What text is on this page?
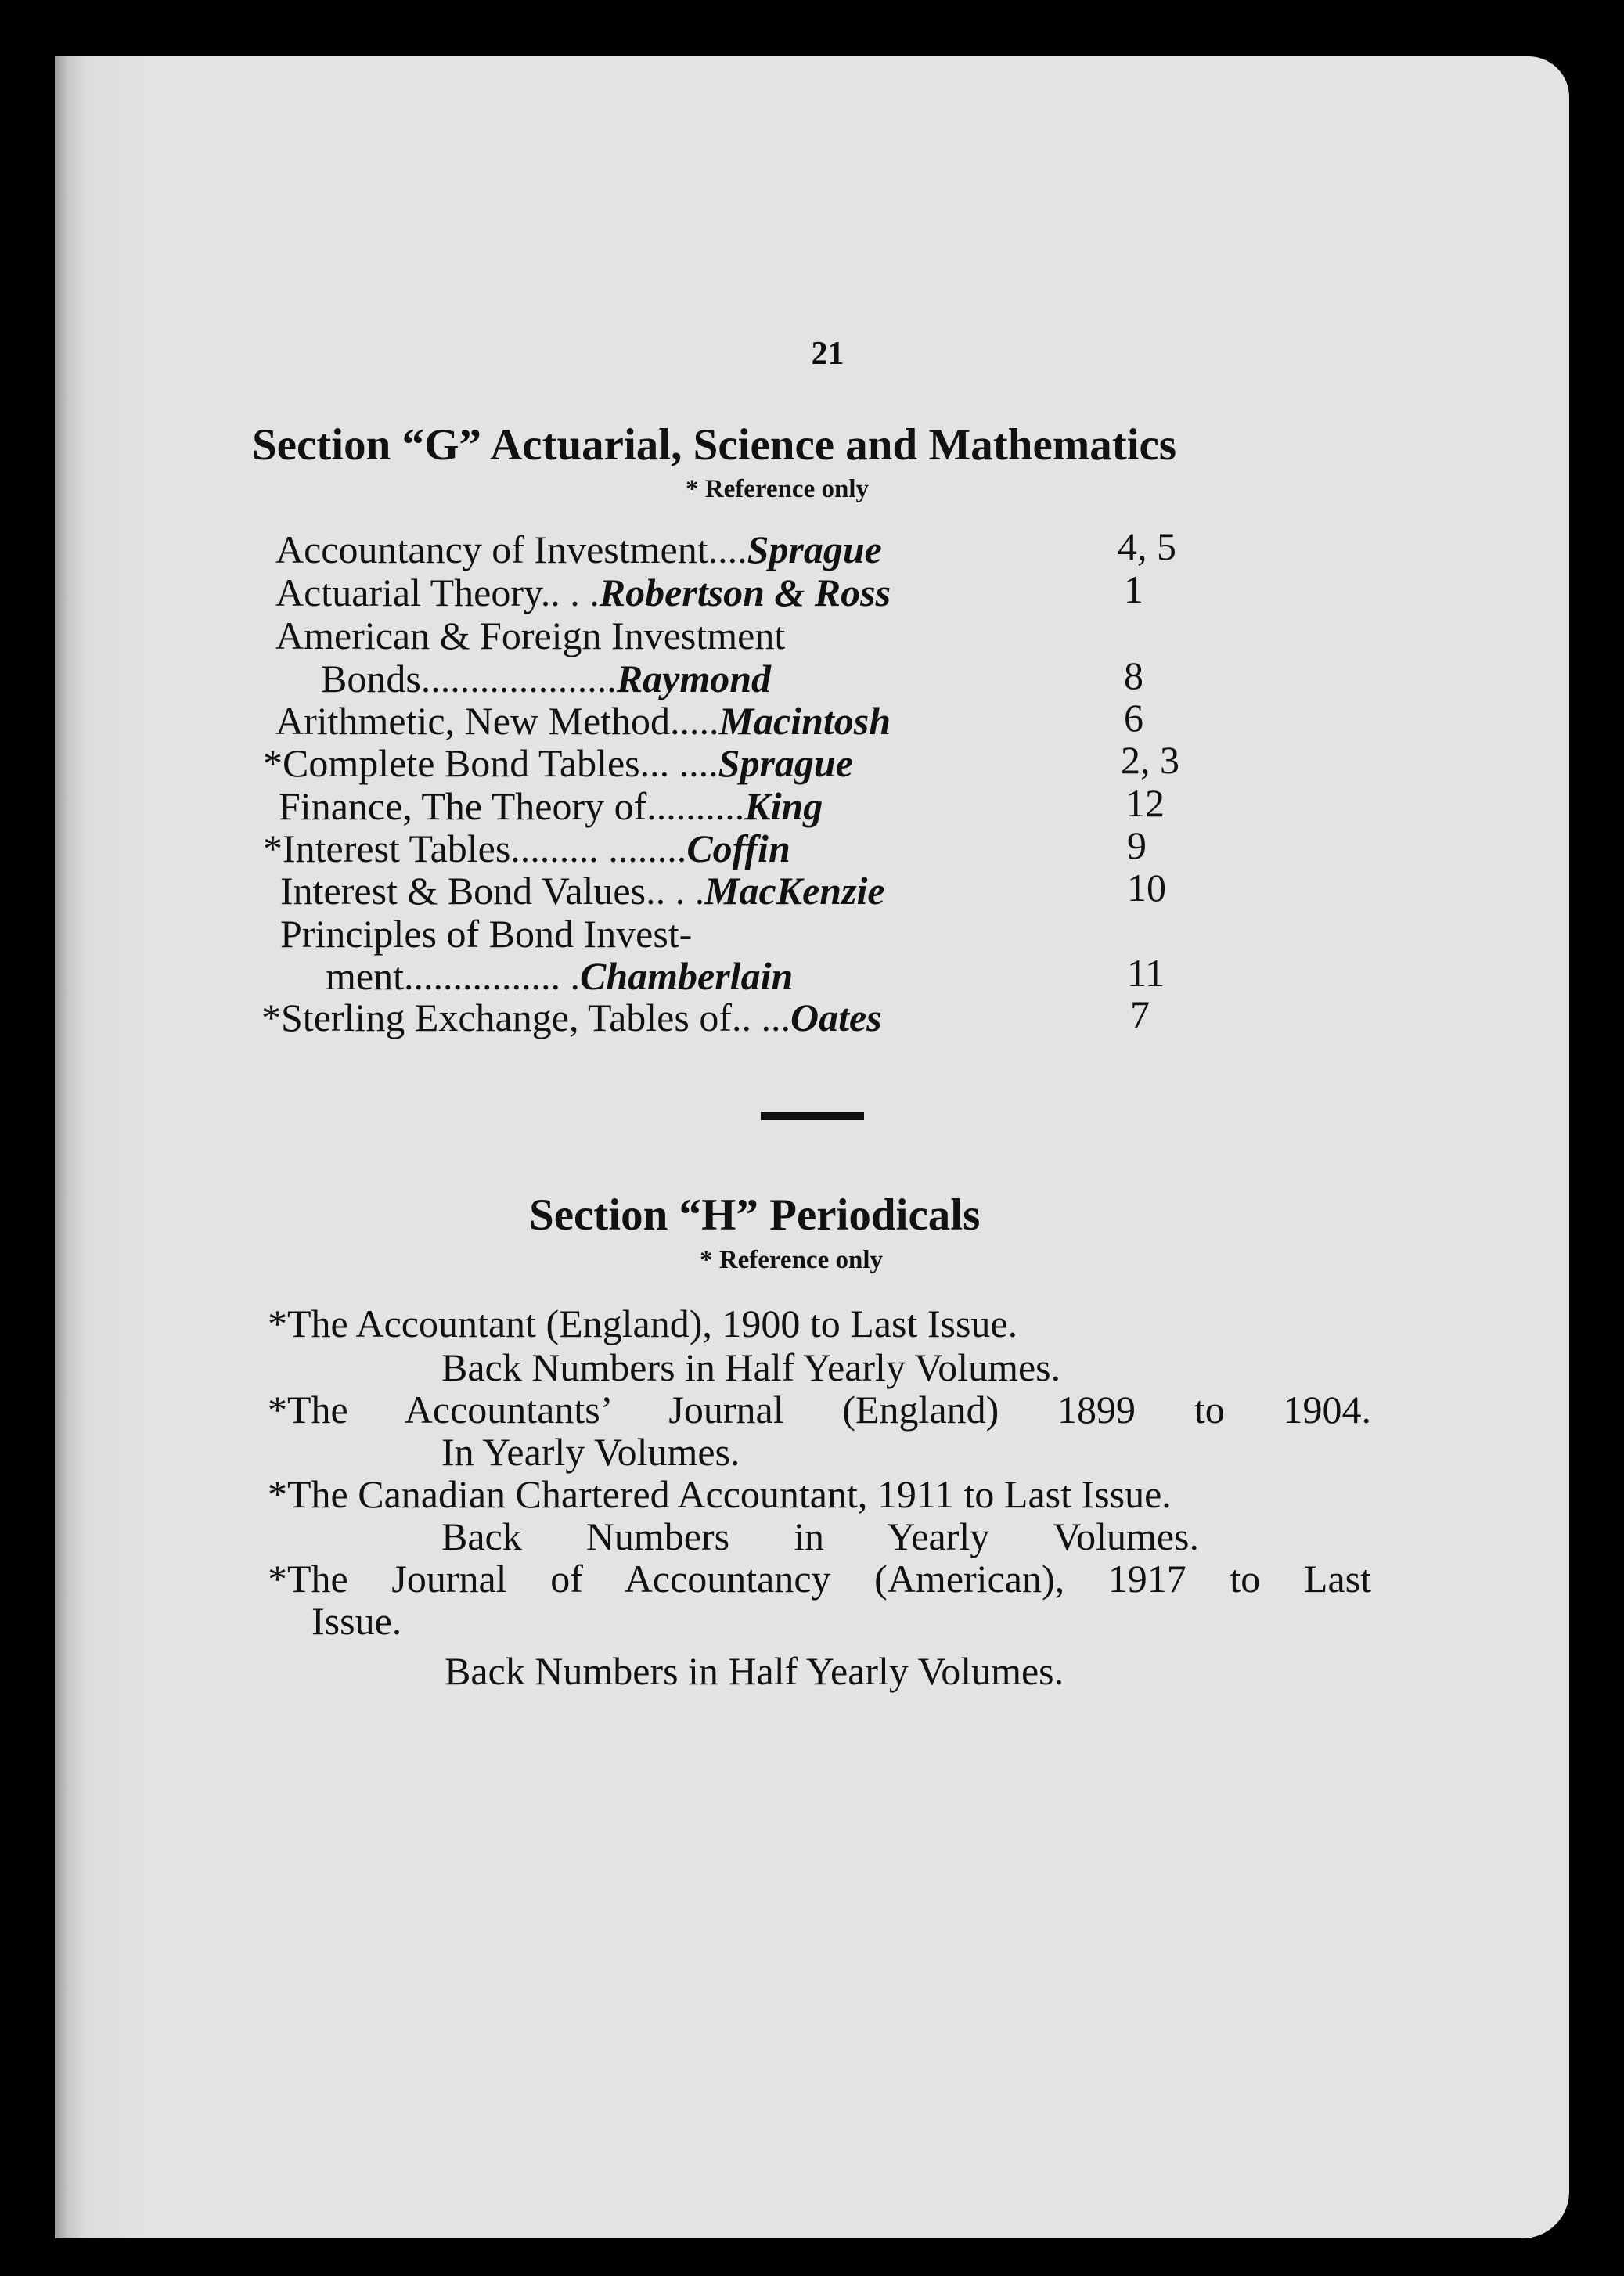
21
Section “G” Actuarial, Science and Mathematics
* Reference only
Accountancy of Investment....Sprague	4, 5
Actuarial Theory.. . .Robertson & Ross	1
American & Foreign Investment
Bonds....................Raymond	8
Arithmetic, New Method.....Macintosh	6
*Complete Bond Tables... ....Sprague	2, 3
Finance, The Theory of..........King	12
*Interest Tables......... ........Coffin	9
Interest & Bond Values.. . .MacKenzie	10
Principles of Bond Invest-
ment................ .Chamberlain	11
*Sterling Exchange, Tables of.. ...Oates	7
Section “H” Periodicals
* Reference only
*The Accountant (England), 1900 to Last Issue.
Back Numbers in Half Yearly Volumes.
*The Accountants’ Journal (England) 1899 to 1904.
In Yearly Volumes.
*The Canadian Chartered Accountant, 1911 to Last Issue.
Back Numbers in Yearly Volumes.
*The Journal of Accountancy (American), 1917 to Last
Issue.
Back Numbers in Half Yearly Volumes.
